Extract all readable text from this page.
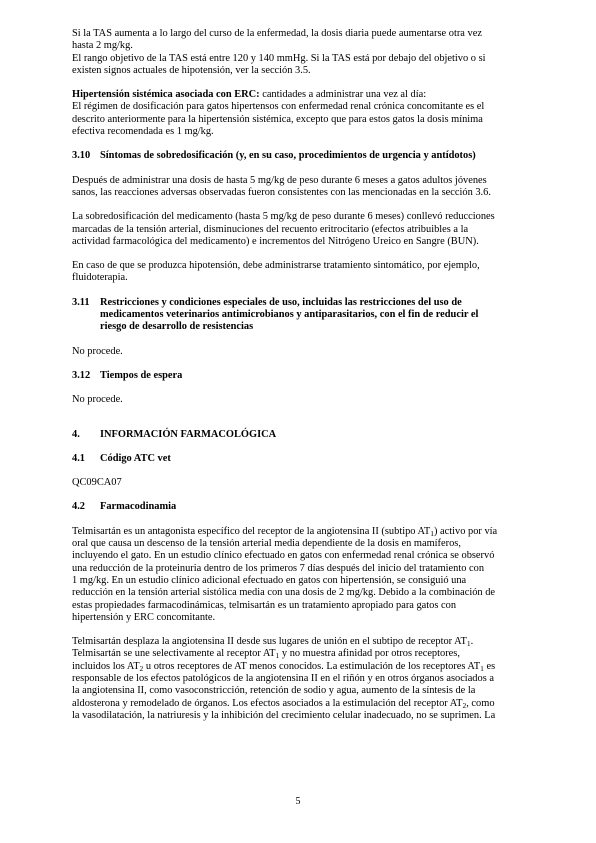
Si la TAS aumenta a lo largo del curso de la enfermedad, la dosis diaria puede aumentarse otra vez
hasta 2 mg/kg.
El rango objetivo de la TAS está entre 120 y 140 mmHg. Si la TAS está por debajo del objetivo o si
existen signos actuales de hipotensión, ver la sección 3.5.

Hipertensión sistémica asociada con ERC: cantidades a administrar una vez al día:
El régimen de dosificación para gatos hipertensos con enfermedad renal crónica concomitante es el
descrito anteriormente para la hipertensión sistémica, excepto que para estos gatos la dosis mínima
efectiva recomendada es 1 mg/kg.

3.10 Síntomas de sobredosificación (y, en su caso, procedimientos de urgencia y antídotos)

Después de administrar una dosis de hasta 5 mg/kg de peso durante 6 meses a gatos adultos jóvenes
sanos, las reacciones adversas observadas fueron consistentes con las mencionadas en la sección 3.6.

La sobredosificación del medicamento (hasta 5 mg/kg de peso durante 6 meses) conllevó reducciones
marcadas de la tensión arterial, disminuciones del recuento eritrocitario (efectos atribuibles a la
actividad farmacológica del medicamento) e incrementos del Nitrógeno Ureico en Sangre (BUN).

En caso de que se produzca hipotensión, debe administrarse tratamiento sintomático, por ejemplo,
fluidoterapia.

3.11 Restricciones y condiciones especiales de uso, incluidas las restricciones del uso de
medicamentos veterinarios antimicrobianos y antiparasitarios, con el fin de reducir el
riesgo de desarrollo de resistencias

No procede.

3.12 Tiempos de espera

No procede.

4.	INFORMACIÓN FARMACOLÓGICA
4.1	Código ATC vet

QC09CA07

4.2	Farmacodinamia

Telmisartán es un antagonista específico del receptor de la angiotensina II (subtipo $AT_1$) activo por vía
oral que causa un descenso de la tensión arterial media dependiente de la dosis en mamíferos,
incluyendo el gato. En un estudio clínico efectuado en gatos con enfermedad renal crónica se observó
una reducción de la proteinuria dentro de los primeros 7 días después del inicio del tratamiento con
1 mg/kg. En un estudio clínico adicional efectuado en gatos con hipertensión, se consiguió una
reducción en la tensión arterial sistólica media con una dosis de 2 mg/kg. Debido a la combinación de
estas propiedades farmacodinámicas, telmisartán es un tratamiento apropiado para gatos con
hipertensión y ERC concomitante.

Telmisartán desplaza la angiotensina II desde sus lugares de unión en el subtipo de receptor $AT_1$.
Telmisartán se une selectivamente al receptor $AT_1$ y no muestra afinidad por otros receptores,
incluidos los $AT_2$ u otros receptores de AT menos conocidos. La estimulación de los receptores $AT_1$ es
responsable de los efectos patológicos de la angiotensina II en el riñón y en otros órganos asociados a
la angiotensina II, como vasoconstricción, retención de sodio y agua, aumento de la síntesis de la
aldosterona y remodelado de órganos. Los efectos asociados a la estimulación del receptor $AT_2$, como
la vasodilatación, la natriuresis y la inhibición del crecimiento celular inadecuado, no se suprimen. La

5
